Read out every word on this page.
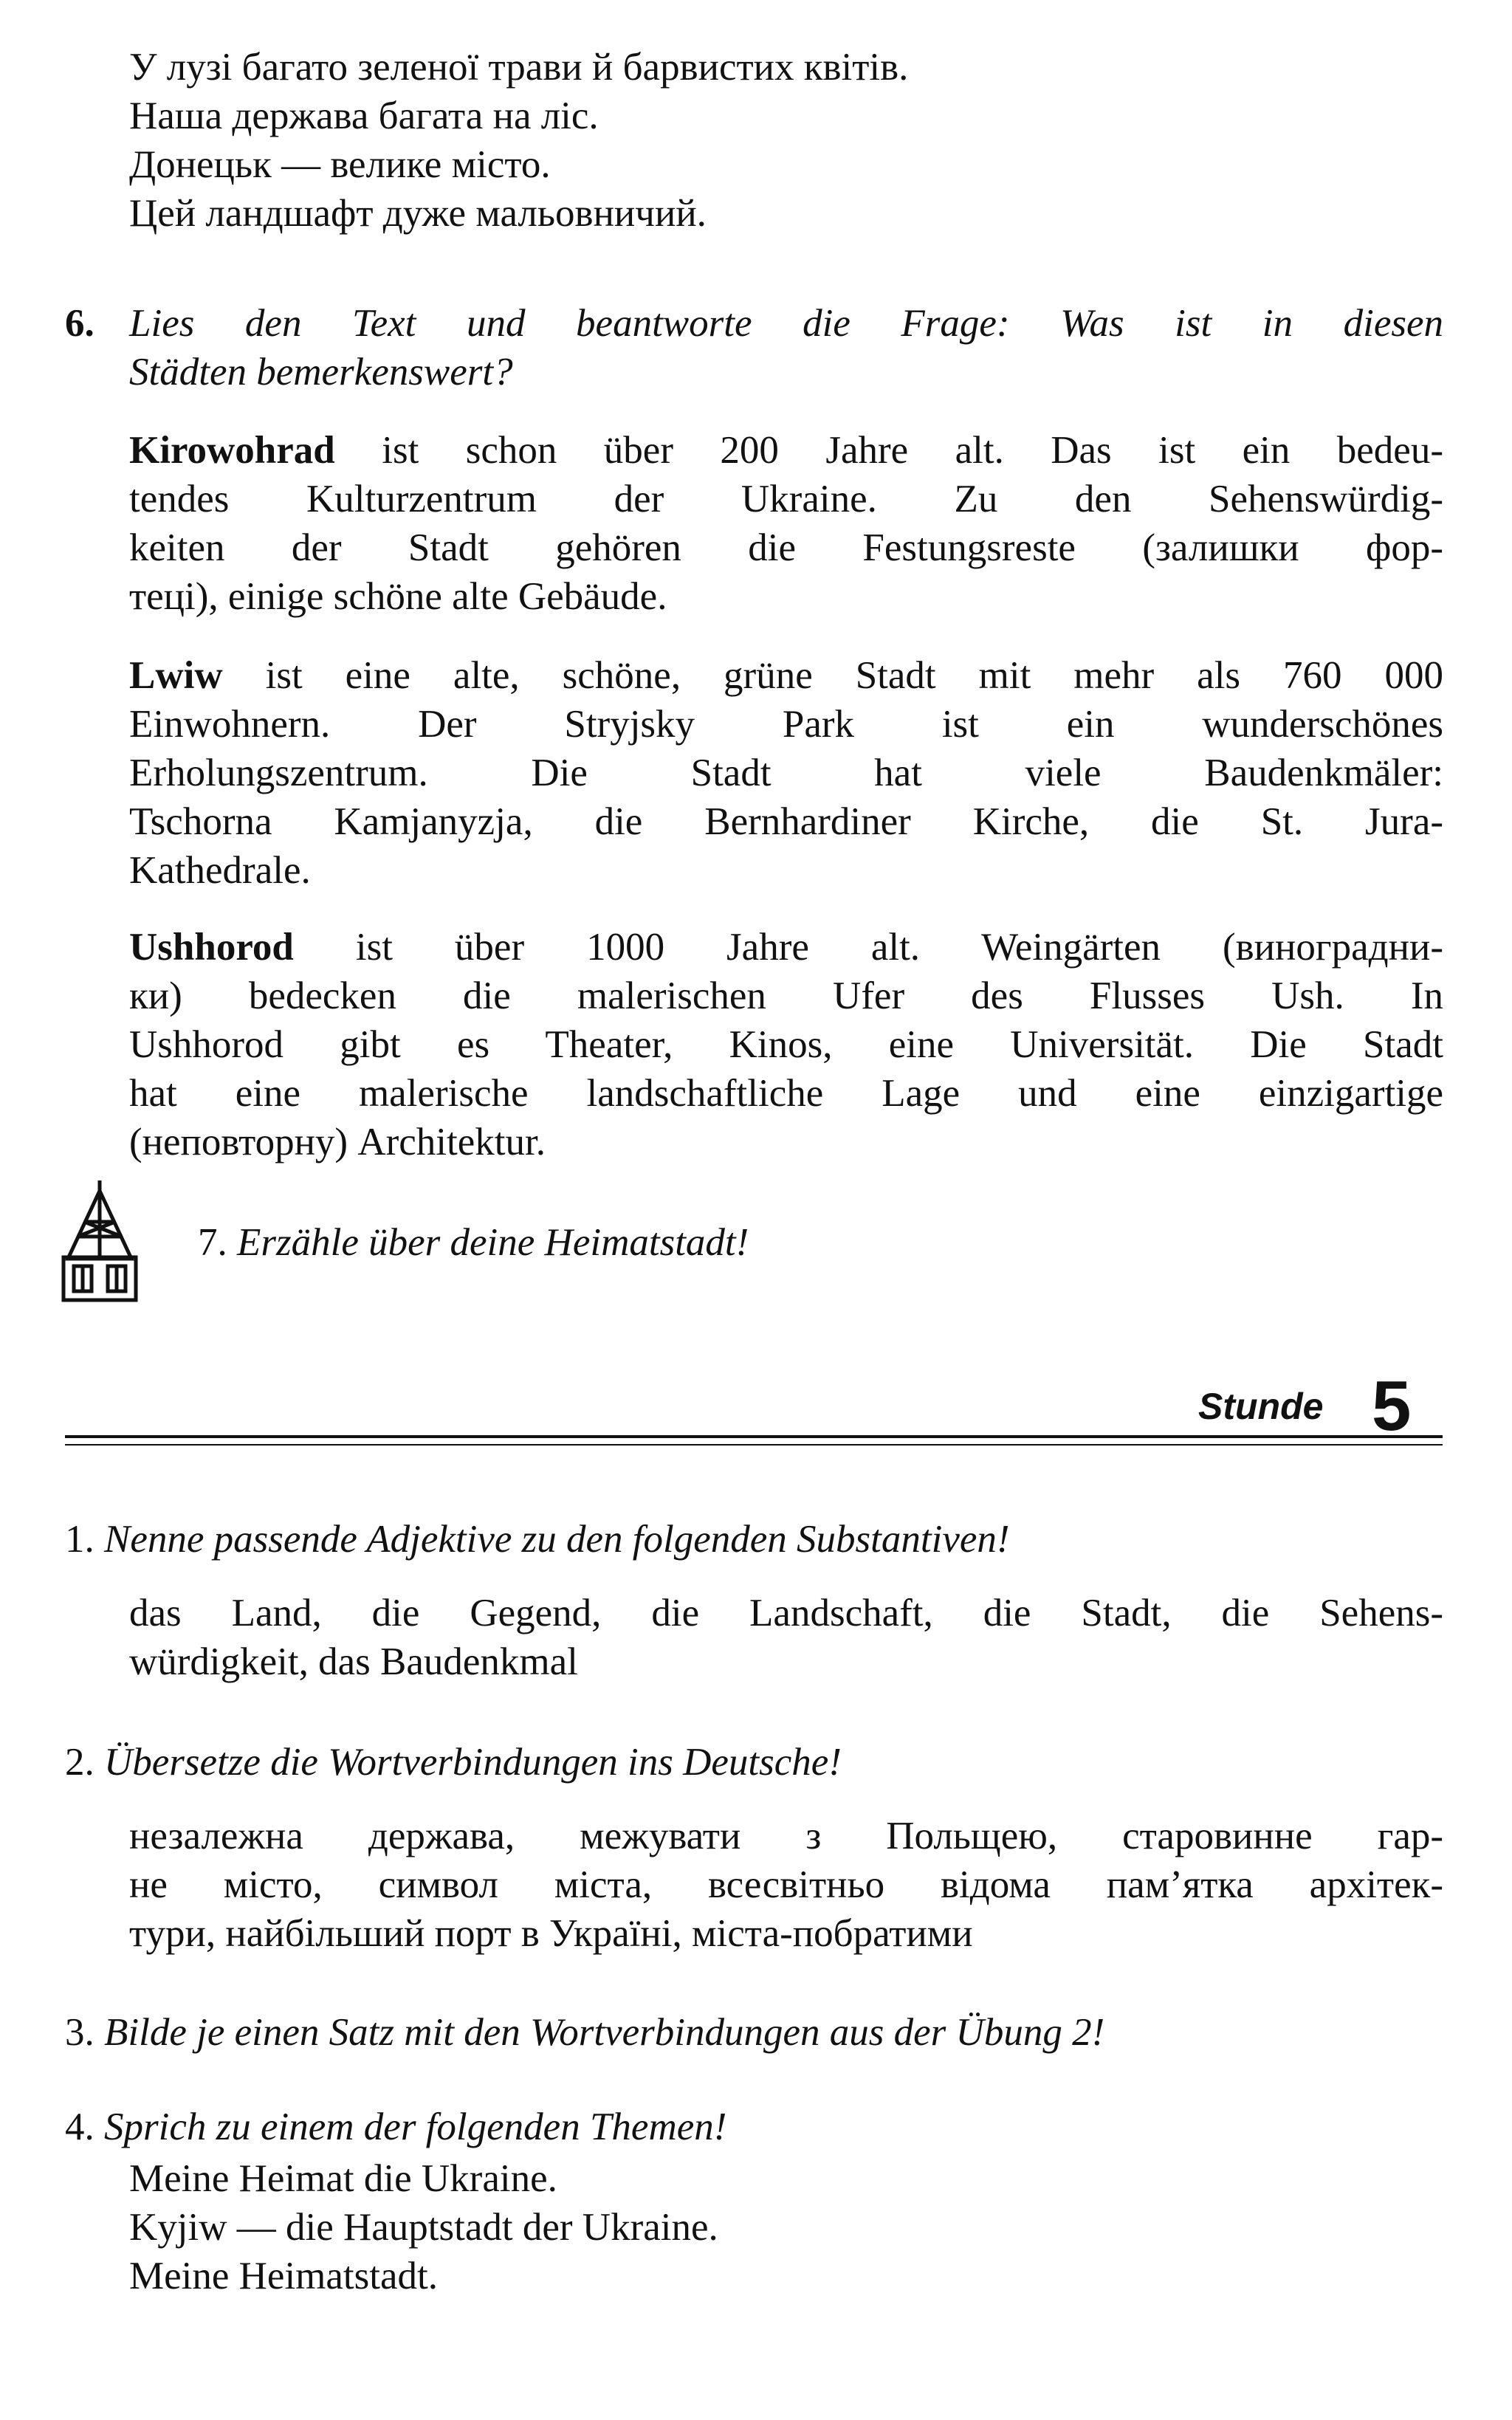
У лузі багато зеленої трави й барвистих квітів.
Наша держава багата на ліс.
Донецьк — велике місто.
Цей ландшафт дуже мальовничий.
6. Lies den Text und beantworte die Frage: Was ist in diesen
Städten bemerkenswert?
Kirowohrad ist schon über 200 Jahre alt. Das ist ein bedeu-
tendes Kulturzentrum der Ukraine. Zu den Sehenswürdig-
keiten der Stadt gehören die Festungsreste (залишки фор-
теці), einige schöne alte Gebäude.
Lwiw ist eine alte, schöne, grüne Stadt mit mehr als 760 000
Einwohnern. Der Stryjsky Park ist ein wunderschönes
Erholungszentrum. Die Stadt hat viele Baudenkmäler:
Tschorna Kamjanyzja, die Bernhardiner Kirche, die St. Jura-
Kathedrale.
Ushhorod ist über 1000 Jahre alt. Weingärten (виноградни-
ки) bedecken die malerischen Ufer des Flusses Ush. In
Ushhorod gibt es Theater, Kinos, eine Universität. Die Stadt
hat eine malerische landschaftliche Lage und eine einzigartige
(неповторну) Architektur.
7. Erzähle über deine Heimatstadt!
Stunde 5
1. Nenne passende Adjektive zu den folgenden Substantiven!
das Land, die Gegend, die Landschaft, die Stadt, die Sehens-
würdigkeit, das Baudenkmal
2. Übersetze die Wortverbindungen ins Deutsche!
незалежна держава, межувати з Польщею, старовинне гар-
не місто, символ міста, всесвітньо відома пам’ятка архітек-
тури, найбільший порт в Україні, міста-побратими
3. Bilde je einen Satz mit den Wortverbindungen aus der Übung 2!
4. Sprich zu einem der folgenden Themen!
Meine Heimat die Ukraine.
Kyjiw — die Hauptstadt der Ukraine.
Meine Heimatstadt.
